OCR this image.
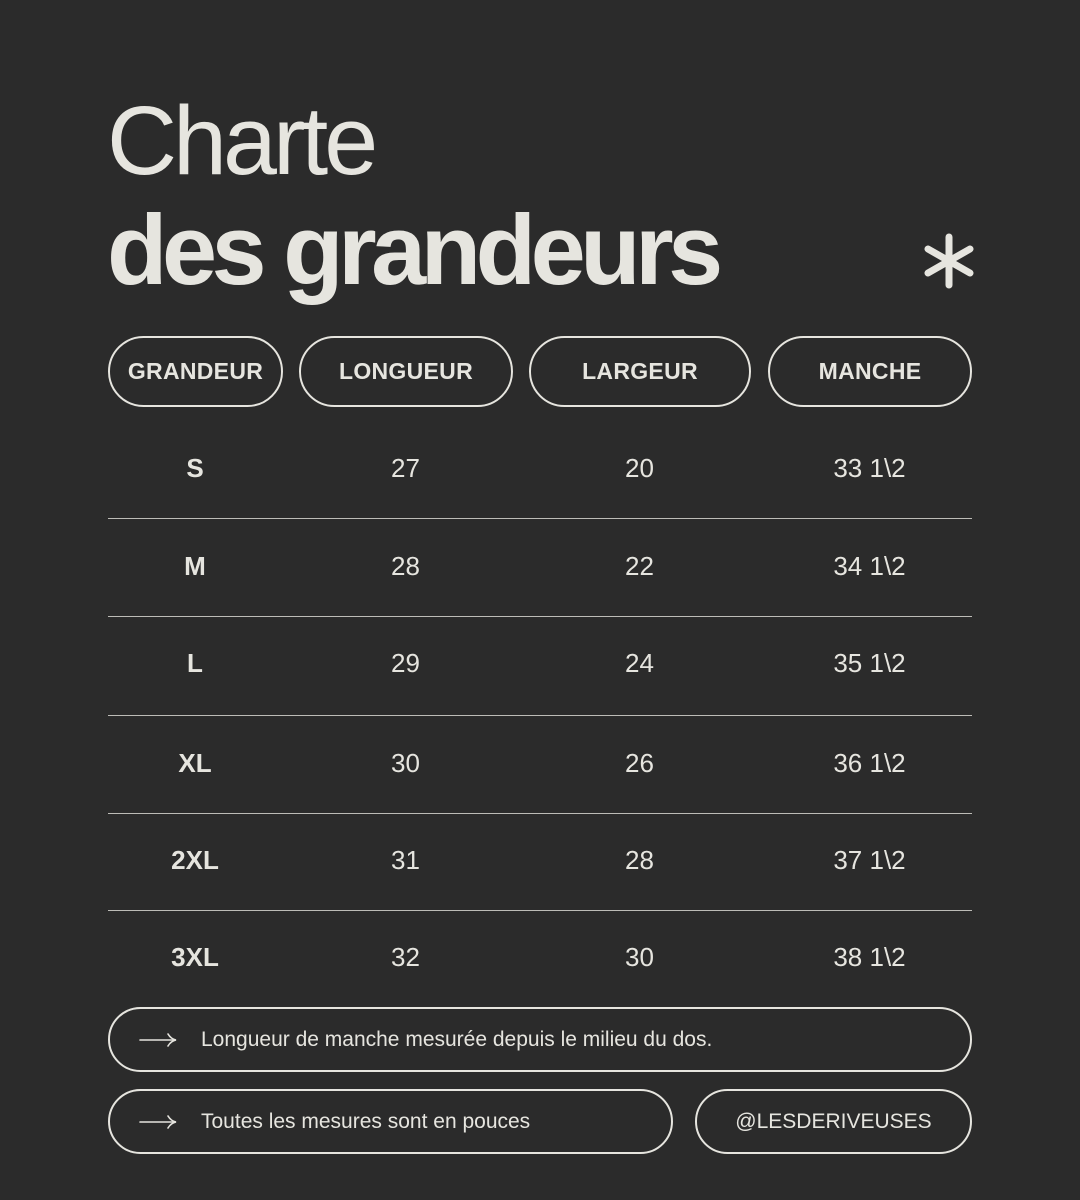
Charte
des grandeurs
GRANDEUR	LONGUEUR	LARGEUR	MANCHE
S	27	20	33 1\2
M	28	22	34 1\2
L	29	24	35 1\2
XL	30	26	36 1\2
2XL	31	28	37 1\2
3XL	32	30	38 1\2
Longueur de manche mesurée depuis le milieu du dos.
Toutes les mesures sont en pouces	@LESDERIVEUSES
